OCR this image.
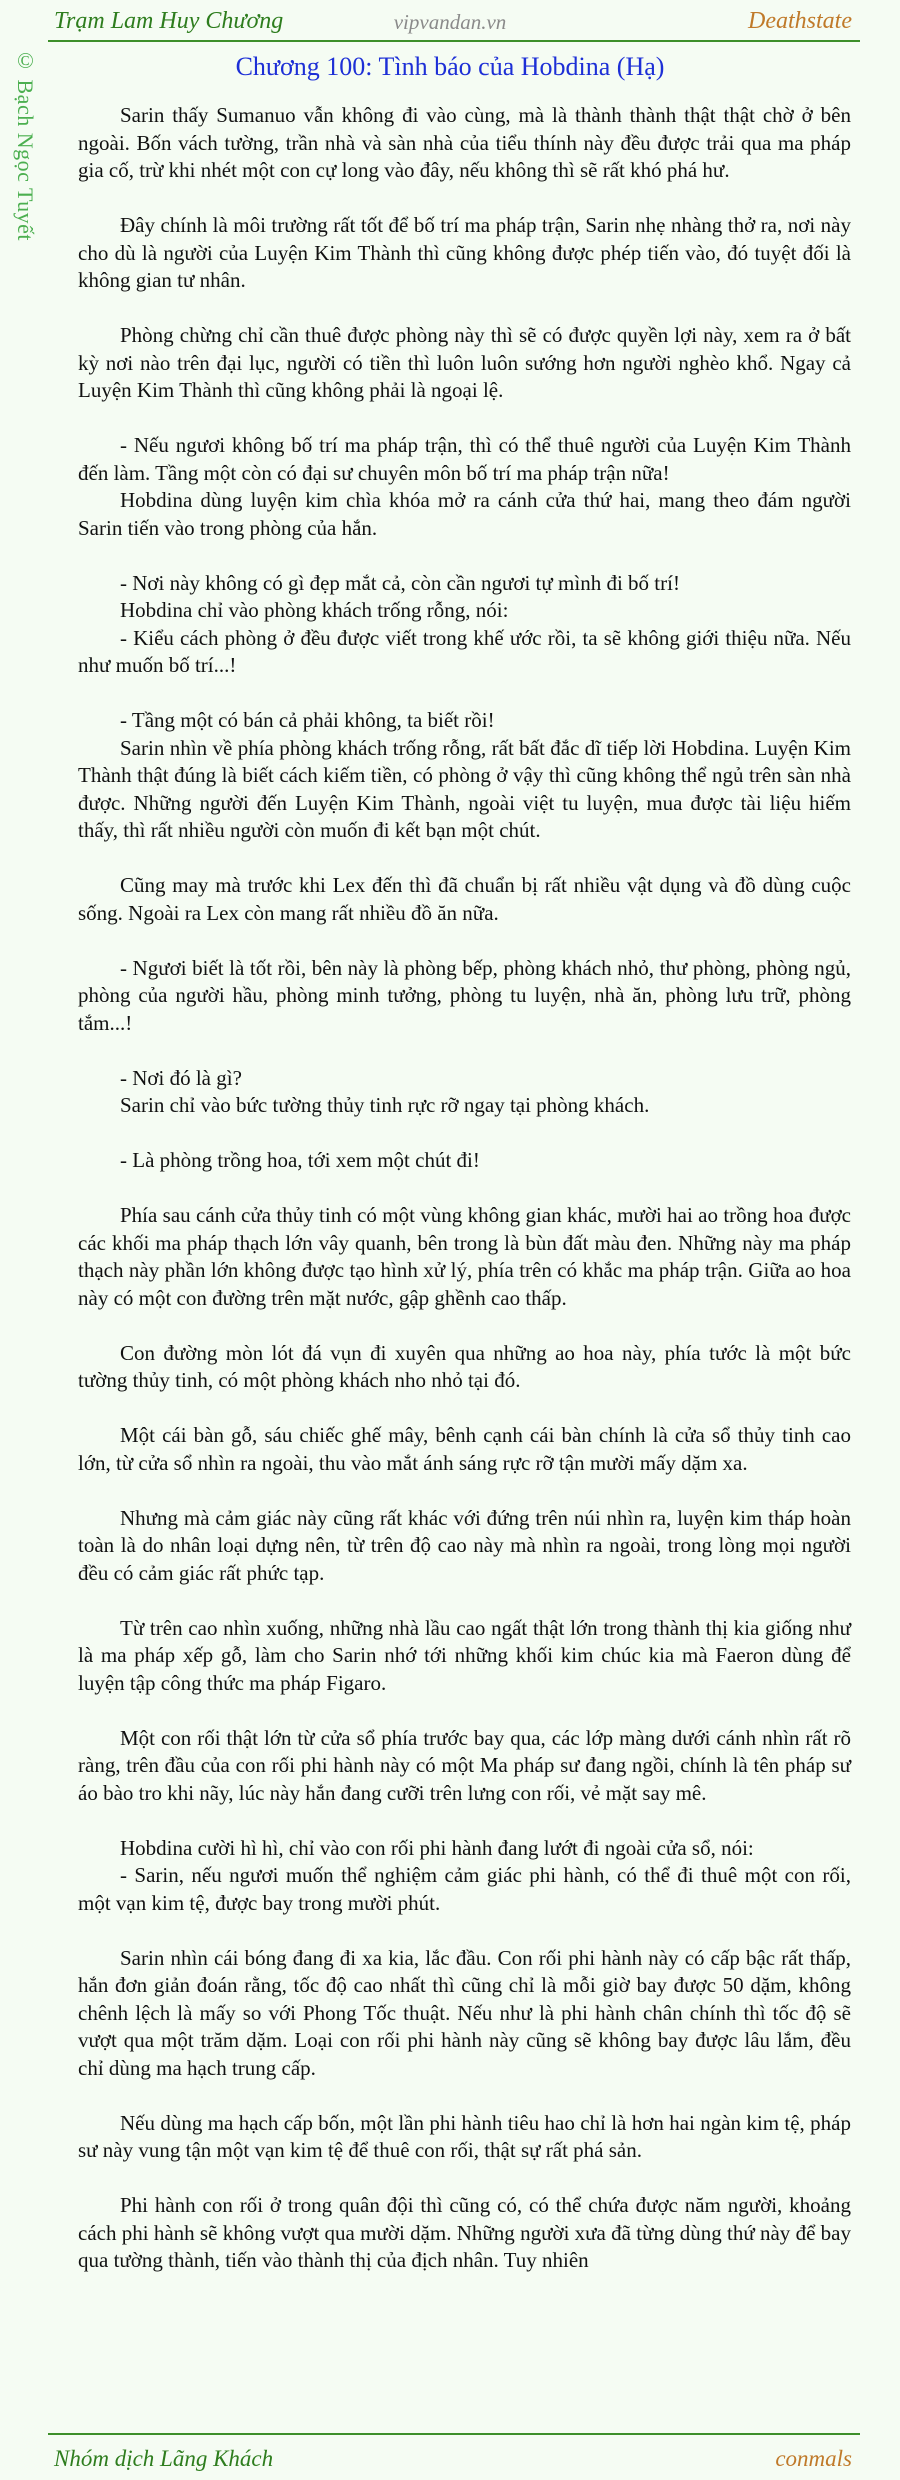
Trạm Lam Huy Chương	vipvandan.vn	Deathstate
© Bạch Ngọc Tuyết	Chương 100: Tình báo của Hobdina (Hạ)

Sarin thấy Sumanuo vẫn không đi vào cùng, mà là thành thành thật thật chờ ở bên ngoài. Bốn vách tường, trần nhà và sàn nhà của tiểu thính này đều được trải qua ma pháp gia cố, trừ khi nhét một con cự long vào đây, nếu không thì sẽ rất khó phá hư.

Đây chính là môi trường rất tốt để bố trí ma pháp trận, Sarin nhẹ nhàng thở ra, nơi này cho dù là người của Luyện Kim Thành thì cũng không được phép tiến vào, đó tuyệt đối là không gian tư nhân.

Phòng chừng chỉ cần thuê được phòng này thì sẽ có được quyền lợi này, xem ra ở bất kỳ nơi nào trên đại lục, người có tiền thì luôn luôn sướng hơn người nghèo khổ. Ngay cả Luyện Kim Thành thì cũng không phải là ngoại lệ.

- Nếu ngươi không bố trí ma pháp trận, thì có thể thuê người của Luyện Kim Thành đến làm. Tầng một còn có đại sư chuyên môn bố trí ma pháp trận nữa!

Hobdina dùng luyện kim chìa khóa mở ra cánh cửa thứ hai, mang theo đám người Sarin tiến vào trong phòng của hắn.

- Nơi này không có gì đẹp mắt cả, còn cần ngươi tự mình đi bố trí!

Hobdina chỉ vào phòng khách trống rỗng, nói:

- Kiểu cách phòng ở đều được viết trong khế ước rồi, ta sẽ không giới thiệu nữa. Nếu như muốn bố trí...!

- Tầng một có bán cả phải không, ta biết rồi!

Sarin nhìn về phía phòng khách trống rỗng, rất bất đắc dĩ tiếp lời Hobdina. Luyện Kim Thành thật đúng là biết cách kiếm tiền, có phòng ở vậy thì cũng không thể ngủ trên sàn nhà được. Những người đến Luyện Kim Thành, ngoài việt tu luyện, mua được tài liệu hiếm thấy, thì rất nhiều người còn muốn đi kết bạn một chút.

Cũng may mà trước khi Lex đến thì đã chuẩn bị rất nhiều vật dụng và đồ dùng cuộc sống. Ngoài ra Lex còn mang rất nhiều đồ ăn nữa.

- Ngươi biết là tốt rồi, bên này là phòng bếp, phòng khách nhỏ, thư phòng, phòng ngủ, phòng của người hầu, phòng minh tưởng, phòng tu luyện, nhà ăn, phòng lưu trữ, phòng tắm...!

- Nơi đó là gì?

Sarin chỉ vào bức tường thủy tinh rực rỡ ngay tại phòng khách.

- Là phòng trồng hoa, tới xem một chút đi!

Phía sau cánh cửa thủy tinh có một vùng không gian khác, mười hai ao trồng hoa được các khối ma pháp thạch lớn vây quanh, bên trong là bùn đất màu đen. Những này ma pháp thạch này phần lớn không được tạo hình xử lý, phía trên có khắc ma pháp trận. Giữa ao hoa này có một con đường trên mặt nước, gập ghềnh cao thấp.

Con đường mòn lót đá vụn đi xuyên qua những ao hoa này, phía tước là một bức tường thủy tinh, có một phòng khách nho nhỏ tại đó.

Một cái bàn gỗ, sáu chiếc ghế mây, bênh cạnh cái bàn chính là cửa sổ thủy tinh cao lớn, từ cửa sổ nhìn ra ngoài, thu vào mắt ánh sáng rực rỡ tận mười mấy dặm xa.

Nhưng mà cảm giác này cũng rất khác với đứng trên núi nhìn ra, luyện kim tháp hoàn toàn là do nhân loại dựng nên, từ trên độ cao này mà nhìn ra ngoài, trong lòng mọi người đều có cảm giác rất phức tạp.

Từ trên cao nhìn xuống, những nhà lầu cao ngất thật lớn trong thành thị kia giống như là ma pháp xếp gỗ, làm cho Sarin nhớ tới những khối kim chúc kia mà Faeron dùng để luyện tập công thức ma pháp Figaro.

Một con rối thật lớn từ cửa sổ phía trước bay qua, các lớp màng dưới cánh nhìn rất rõ ràng, trên đầu của con rối phi hành này có một Ma pháp sư đang ngồi, chính là tên pháp sư áo bào tro khi nãy, lúc này hắn đang cưỡi trên lưng con rối, vẻ mặt say mê.

Hobdina cười hì hì, chỉ vào con rối phi hành đang lướt đi ngoài cửa sổ, nói:

- Sarin, nếu ngươi muốn thể nghiệm cảm giác phi hành, có thể đi thuê một con rối, một vạn kim tệ, được bay trong mười phút.

Sarin nhìn cái bóng đang đi xa kia, lắc đầu. Con rối phi hành này có cấp bậc rất thấp, hắn đơn giản đoán rằng, tốc độ cao nhất thì cũng chỉ là mỗi giờ bay được 50 dặm, không chênh lệch là mấy so với Phong Tốc thuật. Nếu như là phi hành chân chính thì tốc độ sẽ vượt qua một trăm dặm. Loại con rối phi hành này cũng sẽ không bay được lâu lắm, đều chỉ dùng ma hạch trung cấp.

Nếu dùng ma hạch cấp bốn, một lần phi hành tiêu hao chỉ là hơn hai ngàn kim tệ, pháp sư này vung tận một vạn kim tệ để thuê con rối, thật sự rất phá sản.

Phi hành con rối ở trong quân đội thì cũng có, có thể chứa được năm người, khoảng cách phi hành sẽ không vượt qua mười dặm. Những người xưa đã từng dùng thứ này để bay qua tường thành, tiến vào thành thị của địch nhân. Tuy nhiên

Nhóm dịch Lãng Khách	conmals
